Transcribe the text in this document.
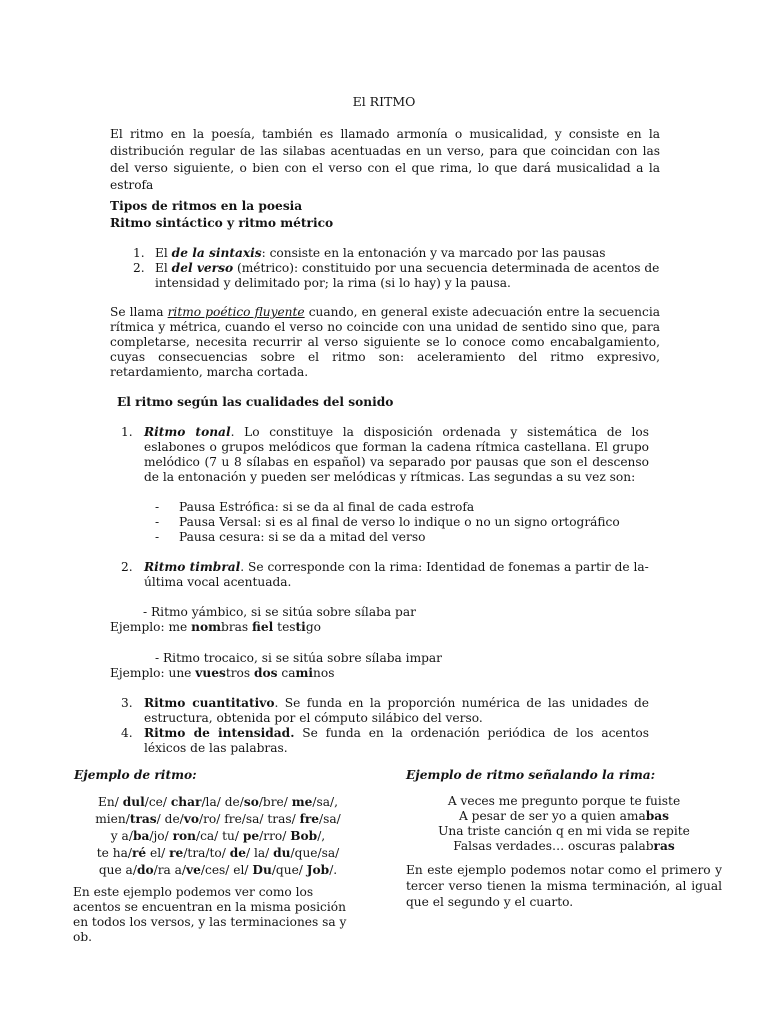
El RITMO

El ritmo en la poesía, también es llamado armonía o musicalidad, y consiste en la distribución regular de las silabas acentuadas en un verso, para que coincidan con las del verso siguiente, o bien con el verso con el que rima, lo que dará musicalidad a la estrofa

Tipos de ritmos en la poesia
Ritmo sintáctico y ritmo métrico
1. El de la sintaxis: consiste en la entonación y va marcado por las pausas
2. El del verso (métrico): constituido por una secuencia determinada de acentos de intensidad y delimitado por; la rima (si lo hay) y la pausa.

Se llama ritmo poético fluyente cuando, en general existe adecuación entre la secuencia rítmica y métrica, cuando el verso no coincide con una unidad de sentido sino que, para completarse, necesita recurrir al verso siguiente se lo conoce como encabalgamiento, cuyas consecuencias sobre el ritmo son: aceleramiento del ritmo expresivo, retardamiento, marcha cortada.

El ritmo según las cualidades del sonido
1. Ritmo tonal. Lo constituye la disposición ordenada y sistemática de los eslabones o grupos melódicos que forman la cadena rítmica castellana. El grupo melódico (7 u 8 sílabas en español) va separado por pausas que son el descenso de la entonación y pueden ser melódicas y rítmicas. Las segundas a su vez son:
- Pausa Estrófica: si se da al final de cada estrofa
- Pausa Versal: si es al final de verso lo indique o no un signo ortográfico
- Pausa cesura: si se da a mitad del verso
2. Ritmo timbral. Se corresponde con la rima: Identidad de fonemas a partir de la-última vocal acentuada.
- Ritmo yámbico, si se sitúa sobre sílaba par
Ejemplo: me nombras fiel testigo
- Ritmo trocaico, si se sitúa sobre sílaba impar
Ejemplo: une vuestros dos caminos
3. Ritmo cuantitativo. Se funda en la proporción numérica de las unidades de estructura, obtenida por el cómputo silábico del verso.
4. Ritmo de intensidad. Se funda en la ordenación periódica de los acentos léxicos de las palabras.
Ejemplo de ritmo:	Ejemplo de ritmo señalando la rima:
En/ dul/ce/ char/la/ de/so/bre/ me/sa/,
mien/tras/ de/vo/ro/ fre/sa/ tras/ fre/sa/
y a/ba/jo/ ron/ca/ tu/ pe/rro/ Bob/,
te ha/ré el/ re/tra/to/ de/ la/ du/que/sa/
que a/do/ra a/ve/ces/ el/ Du/que/ Job/.

En este ejemplo podemos ver como los acentos se encuentran en la misma posición en todos los versos, y las terminaciones sa y ob.

A veces me pregunto porque te fuiste
A pesar de ser yo a quien amabas
Una triste canción q en mi vida se repite
Falsas verdades… oscuras palabras

En este ejemplo podemos notar como el primero y tercer verso tienen la misma terminación, al igual que el segundo y el cuarto.
